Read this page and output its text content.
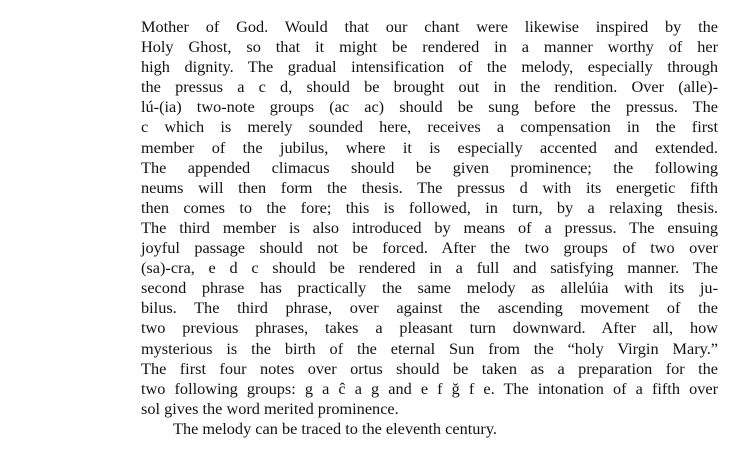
Mother of God. Would that our chant were likewise inspired by the
Holy Ghost, so that it might be rendered in a manner worthy of her
high dignity. The gradual intensification of the melody, especially through
the pressus a c d, should be brought out in the rendition. Over (alle)-
lú-(ia) two-note groups (ac ac) should be sung before the pressus. The
c which is merely sounded here, receives a compensation in the first
member of the jubilus, where it is especially accented and extended.
The appended climacus should be given prominence; the following
neums will then form the thesis. The pressus d with its energetic fifth
then comes to the fore; this is followed, in turn, by a relaxing thesis.
The third member is also introduced by means of a pressus. The ensuing
joyful passage should not be forced. After the two groups of two over
(sa)-cra, e d c should be rendered in a full and satisfying manner. The
second phrase has practically the same melody as allelúia with its ju-
bilus. The third phrase, over against the ascending movement of the
two previous phrases, takes a pleasant turn downward. After all, how
mysterious is the birth of the eternal Sun from the “holy Virgin Mary.”
The first four notes over ortus should be taken as a preparation for the
two following groups: g a ĉ a g and e f ğ f e. The intonation of a fifth over
sol gives the word merited prominence.
The melody can be traced to the eleventh century.
